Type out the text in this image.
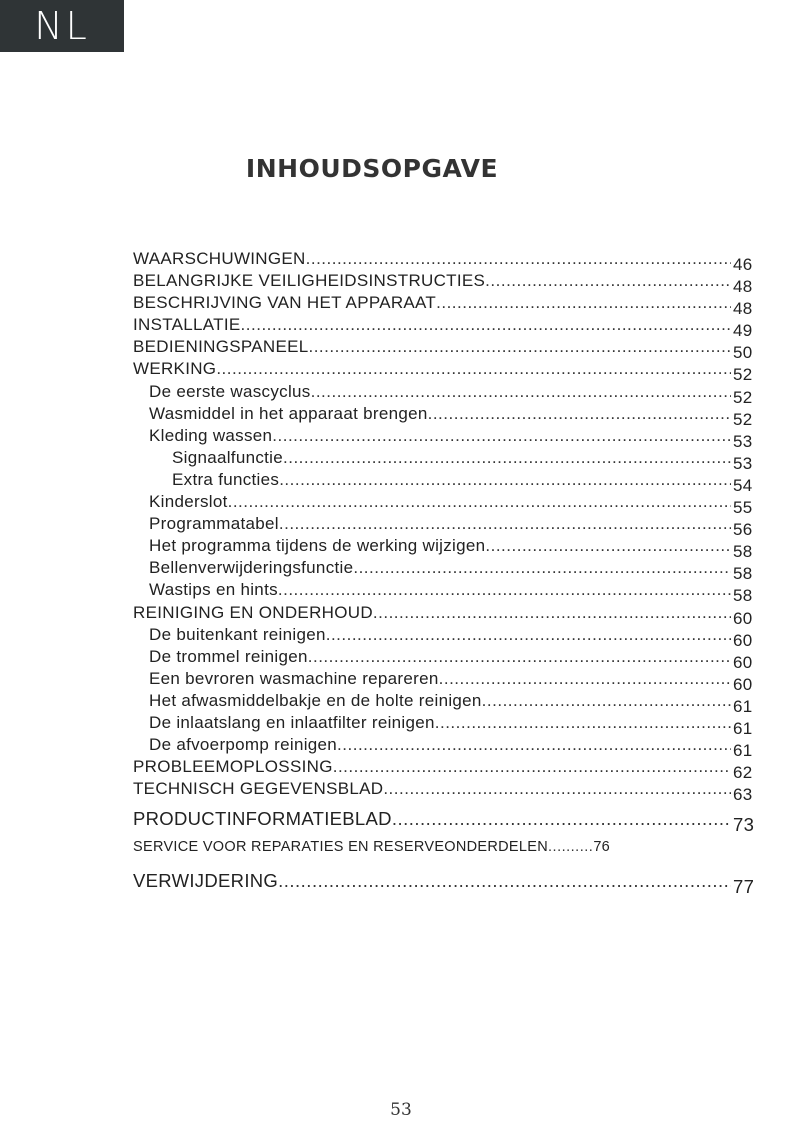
NL
INHOUDSOPGAVE
WAARSCHUWINGEN .....	46
BELANGRIJKE VEILIGHEIDSINSTRUCTIES .....	48
BESCHRIJVING VAN HET APPARAAT .....	48
INSTALLATIE .....	49
BEDIENINGSPANEEL .....	50
WERKING .....	52
De eerste wascyclus .....	52
Wasmiddel in het apparaat brengen .....	52
Kleding wassen .....	53
Signaalfunctie .....	53
Extra functies .....	54
Kinderslot .....	55
Programmatabel .....	56
Het programma tijdens de werking wijzigen .....	58
Bellenverwijderingsfunctie .....	58
Wastips en hints .....	58
REINIGING EN ONDERHOUD .....	60
De buitenkant reinigen .....	60
De trommel reinigen .....	60
Een bevroren wasmachine repareren .....	60
Het afwasmiddelbakje en de holte reinigen .....	61
De inlaatslang en inlaatfilter reinigen .....	61
De afvoerpomp reinigen .....	61
PROBLEEMOPLOSSING .....	62
TECHNISCH GEGEVENSBLAD .....	63
PRODUCTINFORMATIEBLAD .....	73
SERVICE VOOR REPARATIES EN RESERVEONDERDELEN .....	76
VERWIJDERING .....	77
53
